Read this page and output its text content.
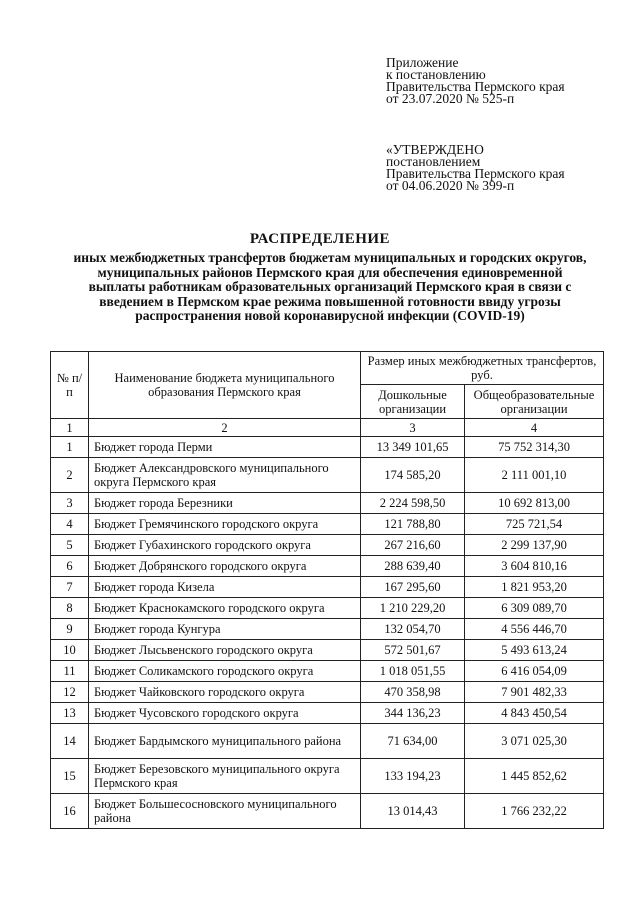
Приложение
к постановлению
Правительства Пермского края
от 23.07.2020 № 525-п
«УТВЕРЖДЕНО
постановлением
Правительства Пермского края
от 04.06.2020 № 399-п
РАСПРЕДЕЛЕНИЕ
иных межбюджетных трансфертов бюджетам муниципальных и городских округов, муниципальных районов Пермского края для обеспечения единовременной выплаты работникам образовательных организаций Пермского края в связи с введением в Пермском крае режима повышенной готовности ввиду угрозы распространения новой коронавирусной инфекции (COVID-19)
№ п/п	Наименование бюджета муниципального образования Пермского края	Размер иных межбюджетных трансфертов, руб.	
		Дошкольные организации	Общеобразовательные организации
1	2	3	4
1	Бюджет города Перми	13 349 101,65	75 752 314,30
2	Бюджет Александровского муниципального округа Пермского края	174 585,20	2 111 001,10
3	Бюджет города Березники	2 224 598,50	10 692 813,00
4	Бюджет Гремячинского городского округа	121 788,80	725 721,54
5	Бюджет Губахинского городского округа	267 216,60	2 299 137,90
6	Бюджет Добрянского городского округа	288 639,40	3 604 810,16
7	Бюджет города Кизела	167 295,60	1 821 953,20
8	Бюджет Краснокамского городского округа	1 210 229,20	6 309 089,70
9	Бюджет города Кунгура	132 054,70	4 556 446,70
10	Бюджет Лысьвенского городского округа	572 501,67	5 493 613,24
11	Бюджет Соликамского городского округа	1 018 051,55	6 416 054,09
12	Бюджет Чайковского городского округа	470 358,98	7 901 482,33
13	Бюджет Чусовского городского округа	344 136,23	4 843 450,54
14	Бюджет Бардымского муниципального района	71 634,00	3 071 025,30
15	Бюджет Березовского муниципального округа Пермского края	133 194,23	1 445 852,62
16	Бюджет Большесосновского муниципального района	13 014,43	1 766 232,22
